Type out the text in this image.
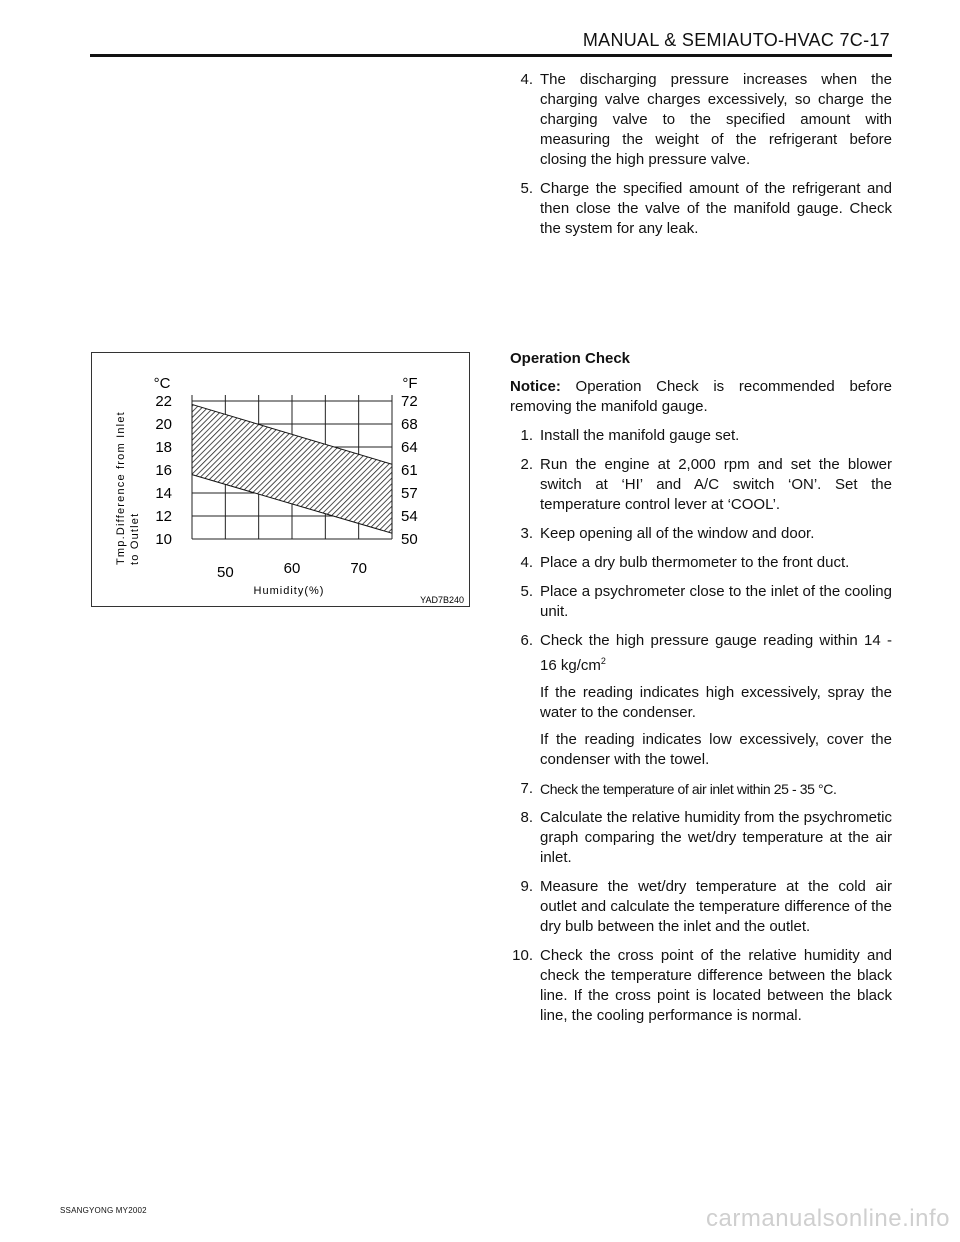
MANUAL & SEMIAUTO-HVAC 7C-17
4. The discharging pressure increases when the charging valve charges excessively, so charge the charging valve to the specified amount with measuring the weight of the refrigerant before closing the high pressure valve.
5. Charge the specified amount of the refrigerant and then close the valve of the manifold gauge. Check the system for any leak.
22
20
18
16
14
12
10
72
68
64
61
57
54
50
50	60	70
°C	°F
Tmp.Difference from Inlet to Outlet
Humidity(%)
YAD7B240
Operation Check
Notice: Operation Check is recommended before removing the manifold gauge.
1. Install the manifold gauge set.
2. Run the engine at 2,000 rpm and set the blower switch at ‘HI’ and A/C switch ‘ON’. Set the temperature control lever at ‘COOL’.
3. Keep opening all of the window and door.
4. Place a dry bulb thermometer to the front duct.
5. Place a psychrometer close to the inlet of the cooling unit.
6. Check the high pressure gauge reading within 14 - 16 $kg/cm^2$

If the reading indicates high excessively, spray the water to the condenser.

If the reading indicates low excessively, cover the condenser with the towel.

7. Check the temperature of air inlet within 25 - 35 °C.
8. Calculate the relative humidity from the psychrometic graph comparing the wet/dry temperature at the air inlet.
9. Measure the wet/dry temperature at the cold air outlet and calculate the temperature difference of the dry bulb between the inlet and the outlet.
10. Check the cross point of the relative humidity and check the temperature difference between the black line. If the cross point is located between the black line, the cooling performance is normal.
SSANGYONG MY2002	carmanualsonline.info
